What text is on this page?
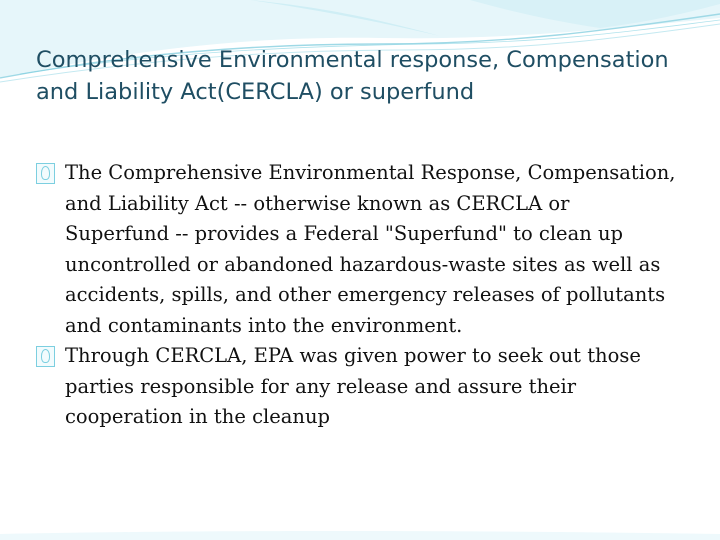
Comprehensive Environmental response, Compensation and Liability Act(CERCLA) or superfund
The Comprehensive Environmental Response, Compensation, and Liability Act -- otherwise known as CERCLA or Superfund -- provides a Federal "Superfund" to clean up uncontrolled or abandoned hazardous-waste sites as well as accidents, spills, and other emergency releases of pollutants and contaminants into the environment.
Through CERCLA, EPA was given power to seek out those parties responsible for any release and assure their cooperation in the cleanup
